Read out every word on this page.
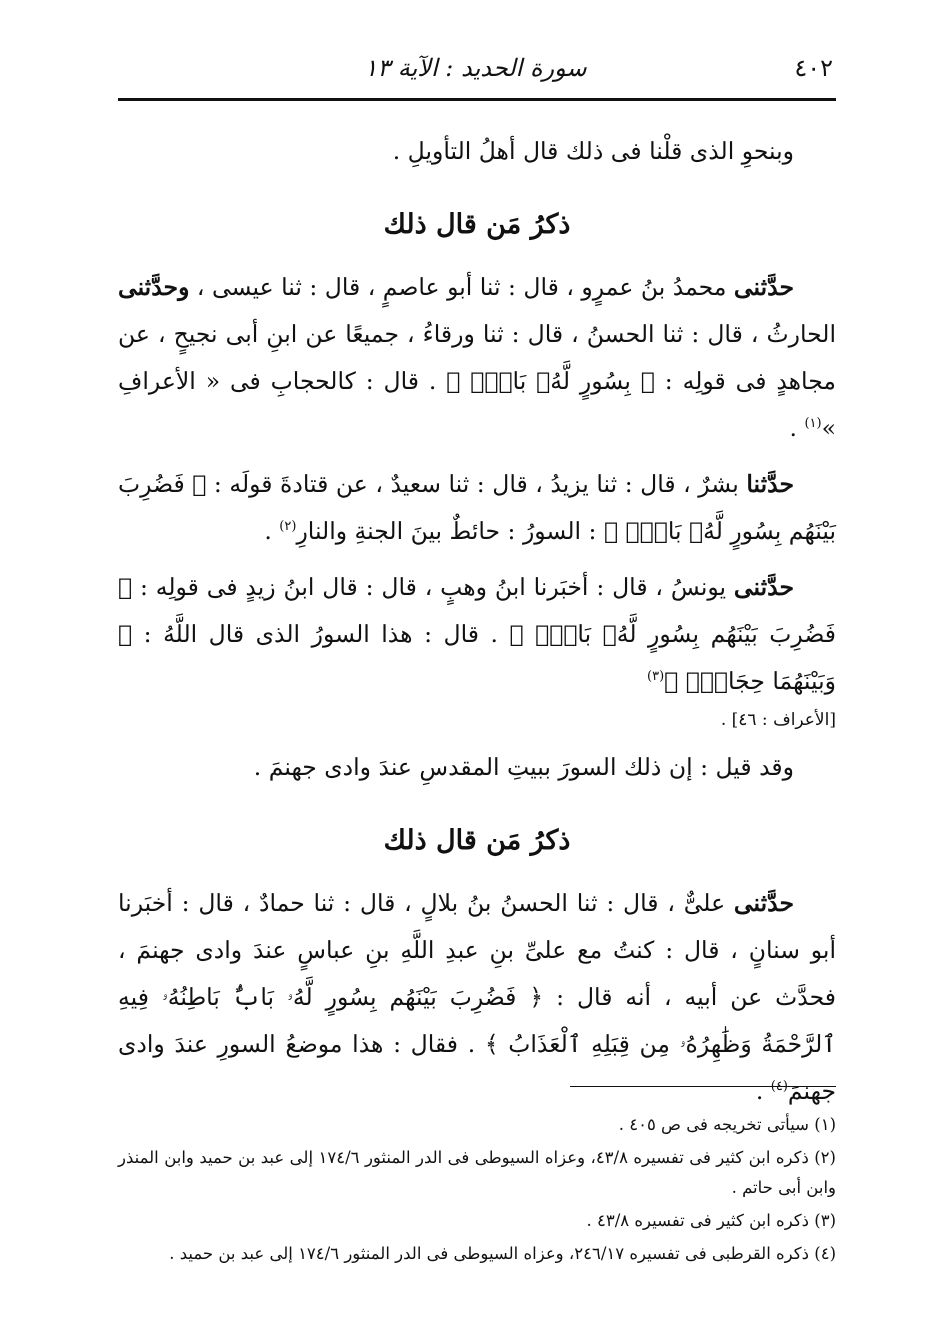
٤٠٢
سورة الحديد : الآية ١٣

وبنحوِ الذى قلْنا فى ذلك قال أهلُ التأويلِ .

ذكرُ مَن قال ذلك

حدَّثنى محمدُ بنُ عمرٍو ، قال : ثنا أبو عاصمٍ ، قال : ثنا عيسى ، وحدَّثنى الحارثُ ، قال : ثنا الحسنُ ، قال : ثنا ورقاءُ ، جميعًا عن ابنِ أبى نجيحٍ ، عن مجاهدٍ فى قولِه : ﴿ بِسُورٍ لَّهُۥ بَابٌۢ ﴾ . قال : كالحجابِ فى « الأعرافِ »$^{(١)}$ .

حدَّثنا بشرٌ ، قال : ثنا يزيدُ ، قال : ثنا سعيدٌ ، عن قتادةَ قولَه : ﴿ فَضُرِبَ بَيْنَهُم بِسُورٍ لَّهُۥ بَابٌۢ ﴾ : السورُ : حائطٌ بينَ الجنةِ والنارِ$^{(٢)}$ .

حدَّثنى يونسُ ، قال : أخبَرنا ابنُ وهبٍ ، قال : قال ابنُ زيدٍ فى قولِه : ﴿ فَضُرِبَ بَيْنَهُم بِسُورٍ لَّهُۥ بَابٌۢ ﴾ . قال : هذا السورُ الذى قال اللَّهُ : ﴿ وَبَيْنَهُمَا حِجَابٌۚ ﴾$^{(٣)}$

[الأعراف : ٤٦] .

وقد قيل : إن ذلك السورَ ببيتِ المقدسِ عندَ وادى جهنمَ .

ذكرُ مَن قال ذلك

حدَّثنى علىٌّ ، قال : ثنا الحسنُ بنُ بلالٍ ، قال : ثنا حمادٌ ، قال : أخبَرنا أبو سنانٍ ، قال : كنتُ مع علىِّ بنِ عبدِ اللَّهِ بنِ عباسٍ عندَ وادى جهنمَ ، فحدَّث عن أبيه ، أنه قال : ﴿ فَضُرِبَ بَيْنَهُم بِسُورٍ لَّهُۥ بَابٌۢ بَاطِنُهُۥ فِيهِ ٱلرَّحْمَةُ وَظَٰهِرُهُۥ مِن قِبَلِهِ ٱلْعَذَابُ ﴾ . فقال : هذا موضعُ السورِ عندَ وادى جهنمَ$^{(٤)}$ .

(١) سيأتى تخريجه فى ص ٤٠٥ .

(٢) ذكره ابن كثير فى تفسيره ٤٣/٨، وعزاه السيوطى فى الدر المنثور ١٧٤/٦ إلى عبد بن حميد وابن المنذر وابن أبى حاتم .

(٣) ذكره ابن كثير فى تفسيره ٤٣/٨ .

(٤) ذكره القرطبى فى تفسيره ٢٤٦/١٧، وعزاه السيوطى فى الدر المنثور ١٧٤/٦ إلى عبد بن حميد .
